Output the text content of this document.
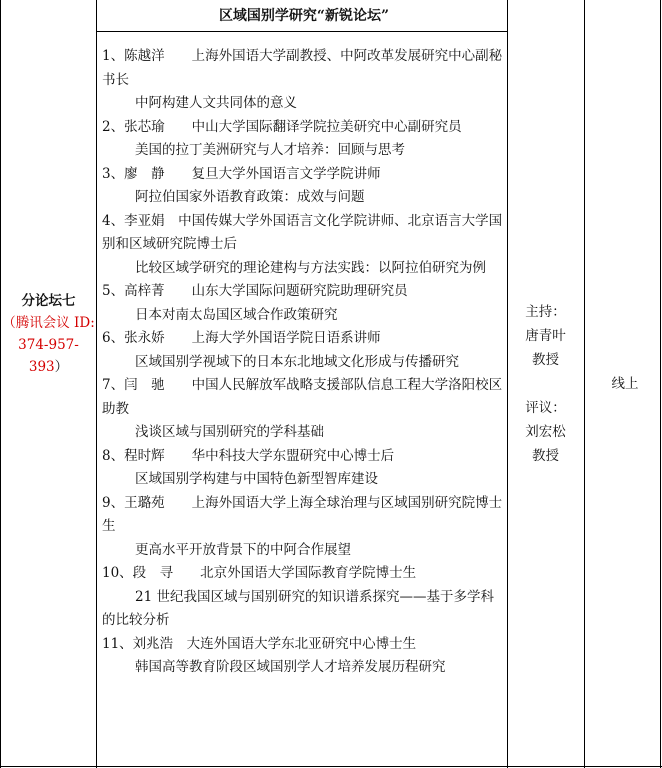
分论坛七
（腾讯会议 ID:
374-957-393）
区域国别学研究“新锐论坛”

1、陈越洋　　上海外国语大学副教授、中阿改革发展研究中心副秘书长

中阿构建人文共同体的意义

2、张芯瑜　　中山大学国际翻译学院拉美研究中心副研究员

美国的拉丁美洲研究与人才培养：回顾与思考

3、廖　静　　复旦大学外国语言文学学院讲师

阿拉伯国家外语教育政策：成效与问题

4、李亚娟　中国传媒大学外国语言文化学院讲师、北京语言大学国别和区域研究院博士后

比较区域学研究的理论建构与方法实践：以阿拉伯研究为例

5、高梓菁　　山东大学国际问题研究院助理研究员

日本对南太岛国区域合作政策研究

6、张永娇　　上海大学外国语学院日语系讲师

区域国别学视域下的日本东北地域文化形成与传播研究

7、闫　驰　　中国人民解放军战略支援部队信息工程大学洛阳校区助教

浅谈区域与国别研究的学科基础

8、程时辉　　华中科技大学东盟研究中心博士后

区域国别学构建与中国特色新型智库建设

9、王璐苑　　上海外国语大学上海全球治理与区域国别研究院博士生

更高水平开放背景下的中阿合作展望

10、段　寻　　北京外国语大学国际教育学院博士生

21 世纪我国区域与国别研究的知识谱系探究——基于多学科的比较分析

11、刘兆浩　大连外国语大学东北亚研究中心博士生

韩国高等教育阶段区域国别学人才培养发展历程研究

主持：
唐青叶
教授
评议：
刘宏松
教授
线上
